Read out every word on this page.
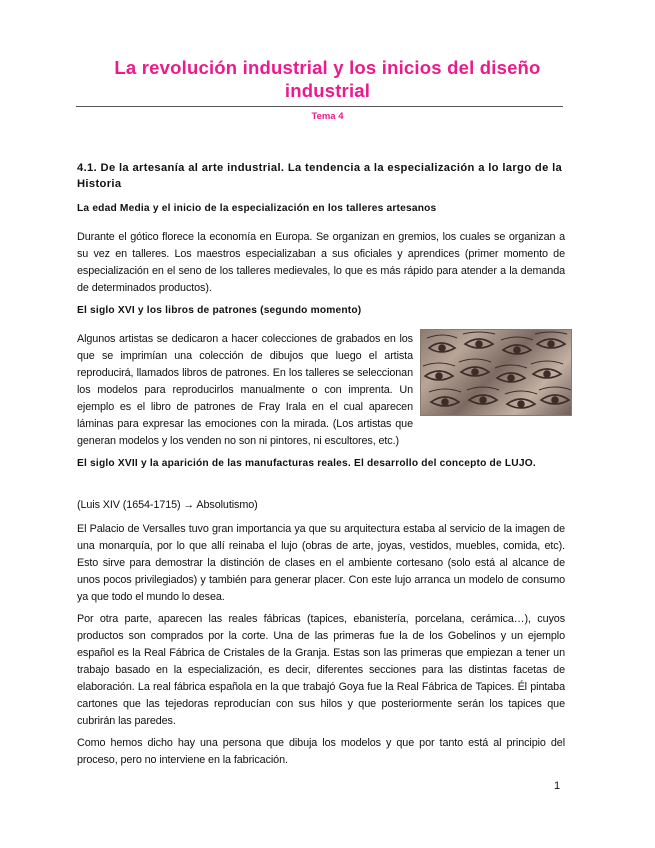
La revolución industrial y los inicios del diseño industrial
Tema 4
4.1. De la artesanía al arte industrial. La tendencia a la especialización a lo largo de la Historia
La edad Media y el inicio de la especialización en los talleres artesanos
Durante el gótico florece la economía en Europa. Se organizan en gremios, los cuales se organizan a su vez en talleres. Los maestros especializaban a sus oficiales y aprendices (primer momento de especialización en el seno de los talleres medievales, lo que es más rápido para atender a la demanda de determinados productos).
El siglo XVI y los libros de patrones (segundo momento)
Algunos artistas se dedicaron a hacer colecciones de grabados en los que se imprimían una colección de dibujos que luego el artista reproducirá, llamados libros de patrones. En los talleres se seleccionan los modelos para reproducirlos manualmente o con imprenta. Un ejemplo es el libro de patrones de Fray Irala en el cual aparecen láminas para expresar las emociones con la mirada. (Los artistas que generan modelos y los venden no son ni pintores, ni escultores, etc.)
El siglo XVII y la aparición de las manufacturas reales. El desarrollo del concepto de LUJO.
(Luis XIV (1654-1715) → Absolutismo)
El Palacio de Versalles tuvo gran importancia ya que su arquitectura estaba al servicio de la imagen de una monarquía, por lo que allí reinaba el lujo (obras de arte, joyas, vestidos, muebles, comida, etc). Esto sirve para demostrar la distinción de clases en el ambiente cortesano (solo está al alcance de unos pocos privilegiados) y también para generar placer. Con este lujo arranca un modelo de consumo ya que todo el mundo lo desea.
Por otra parte, aparecen las reales fábricas (tapices, ebanistería, porcelana, cerámica…), cuyos productos son comprados por la corte. Una de las primeras fue la de los Gobelinos y un ejemplo español es la Real Fábrica de Cristales de la Granja. Estas son las primeras que empiezan a tener un trabajo basado en la especialización, es decir, diferentes secciones para las distintas facetas de elaboración. La real fábrica española en la que trabajó Goya fue la Real Fábrica de Tapices. Él pintaba cartones que las tejedoras reproducían con sus hilos y que posteriormente serán los tapices que cubrirán las paredes.
Como hemos dicho hay una persona que dibuja los modelos y que por tanto está al principio del proceso, pero no interviene en la fabricación.
1
